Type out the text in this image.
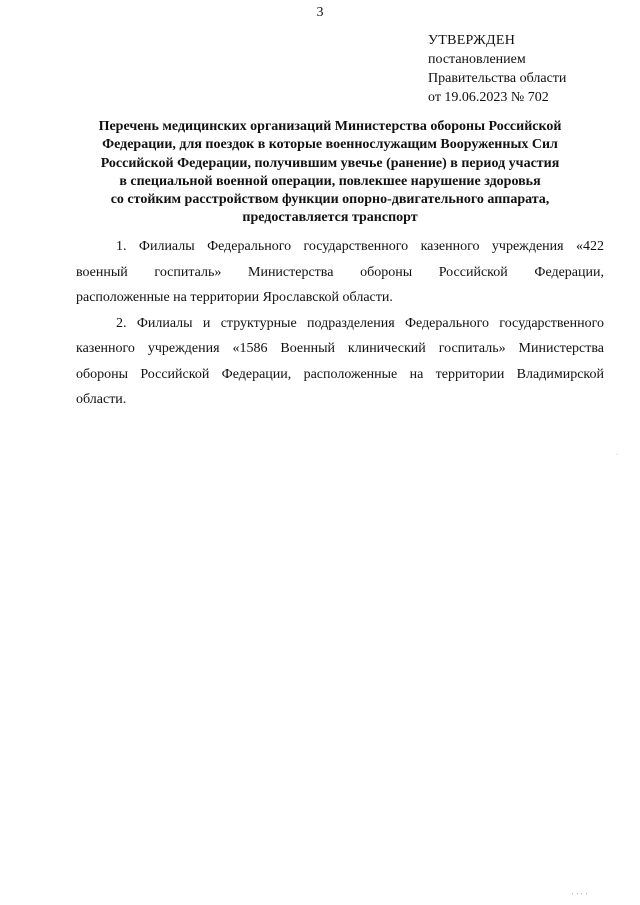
3
УТВЕРЖДЕН
постановлением
Правительства области
от 19.06.2023 № 702
Перечень медицинских организаций Министерства обороны Российской
Федерации, для поездок в которые военнослужащим Вооруженных Сил
Российской Федерации, получившим увечье (ранение) в период участия
в специальной военной операции, повлекшее нарушение здоровья
со стойким расстройством функции опорно-двигательного аппарата,
предоставляется транспорт
1. Филиалы Федерального государственного казенного учреждения «422
военный госпиталь» Министерства обороны Российской Федерации,
расположенные на территории Ярославской области.
2. Филиалы и структурные подразделения Федерального государственного
казенного учреждения «1586 Военный клинический госпиталь» Министерства
обороны Российской Федерации, расположенные на территории Владимирской
области.
·
' ' ' '
